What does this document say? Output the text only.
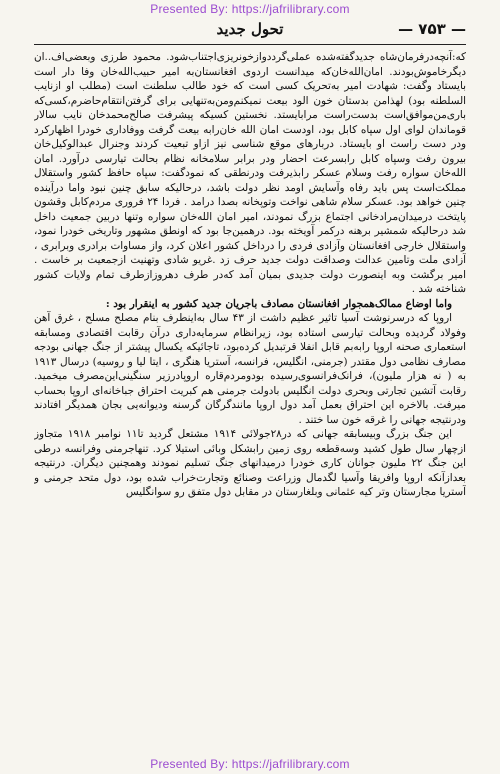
Presented By: https://jafrilibrary.com
— ۷۵۳ —
تحول جدید

که:آنچه‌درفرمان‌شاه جدیدگفته‌شده عملی‌گرددوازخونریزی‌اجتناب‌شود. محمود طرزی وبعضی‌اف..ان دیگرخاموش‌بودند. امان‌الله‌خان‌که میدانست اردوی افغانستان‌به امیر حبیب‌الله‌خان وفا دار است بایستاد وگفت: شهادت امیر به‌تحریک کسی است که خود طالب سلطنت است (مطلب او ازنایب السلطنه بود) لهذامن بدستان خون الود بیعت نمیکنم‌ومن‌به‌تنهایی برای گرفتن‌انتقام‌حاضرم،کسی‌که باری‌من‌موافق‌است بدست‌راست مرابایستد. نخستین کسیکه پیشرفت صالح‌محمدخان نایب سالار قوماندان لوای اول سپاه کابل بود، اودست امان الله خان‌رابه بیعت گرفت ووفاداری خودرا اظهارکرد ودر دست راست او بایستاد. دربارهای موقع شناسی نیز ازاو تبعیت کردند وجنرال عبدالوکیل‌خان بیرون رفت وسپاه کابل رابسرعت احضار ودر برابر سلامخانه نظام بحالت تیارسی درآورد. امان الله‌خان سواره رفت وسلام عسکر رابذیرفت ودرنطقی که نمودگفت: سپاه حافظ کشور واستقلال مملکت‌است پس باید رفاه وآسایش اومد نظر دولت باشد، درحالیکه سابق چنین نبود واما درآینده چنین خواهد بود. عسکر سلام شاهی نواخت وتوپخانه بصدا درامد . فردا ۲۴ فروری مردم‌کابل وقشون پایتخت درمیدان‌مرادخانی اجتماع بزرگ نمودند، امیر امان الله‌خان سواره وتنها دربین جمعیت داخل شد درحالیکه شمشیر برهنه درکمر آویخته بود. درهمین‌جا بود که اونطق مشهور وتاریخی خودرا نمود، واستقلال خارجی افغانستان وآزادی فردی را درداخل کشور اعلان کرد، واز مساوات برادری وبرابری ، آزادی ملت وتامین عدالت وصداقت دولت جدید حرف زد .غریو شادی وتهنیت ازجمعیت بر خاست . امیر برگشت وبه اینصورت دولت جدیدی بمیان آمد که‌در طرف دهروزازطرف تمام ولایات کشور شناخته شد .

واما اوضاع ممالک‌همجوار افغانستان مصادف باجریان جدید کشور به اینقرار بود :

اروپا که درسرنوشت آسیا تاثیر عظیم داشت از ۴۳ سال به‌اینطرف بنام مصلح مسلح ، غرق آهن وفولاد گردیده وبحالت تیارسی استاده بود، زیرانظام سرمایه‌داری درآن رقابت اقتصادی ومسابقه استعماری صحنه اروپا رابه‌بم قابل انفلا قرتبدیل کرده‌بود، تاجائیکه یکسال پیشتر از جنگ جهانی بودجه مصارف نظامی دول مقتدر (جرمنی، انگلیس، فرانسه، آستریا هنگری ، ایتا لیا و روسیه) درسال ۱۹۱۳ به ( نه هزار ملیون)، فرانک‌فرانسوی‌رسیده بودومردم‌قاره اروپادرزیر سنگینی‌این‌مصرف میخمید. رقابت آتشین تجارتی وبحری دولت انگلیس بادولت جرمنی هم کبریت احتراق جباخانه‌ای اروپا بحساب میرفت. بالاخره این احتراق بعمل آمد دول اروپا مانندگرگان گرسنه ودیوانه‌یی بجان همدیگر افتادند ودرنتیجه جهانی را غرقه خون سا ختند .

این جنگ بزرگ وبیسابقه جهانی که در۲۸جولائی ۱۹۱۴ مشتعل گردید تا۱۱ نوامبر ۱۹۱۸ متجاوز ازچهار سال طول کشید وسه‌قطعه روی زمین رابشکل وبائی استیلا کرد. تنهاجرمنی وفرانسه درطی این جنگ ۲۲ ملیون جوانان کاری خودرا درمیدانهای جنگ تسلیم نمودند وهمچنین دیگران. درنتیجه بعدازآنکه اروپا وافریقا وآسیا لگدمال وزراعت وصنائع وتجارت‌خراب شده بود، دول متحد جرمنی و آستریا مجارستان وتر کیه عثمانی وبلغارستان در مقابل دول متفق رو سوانگلیس

Presented By: https://jafrilibrary.com
